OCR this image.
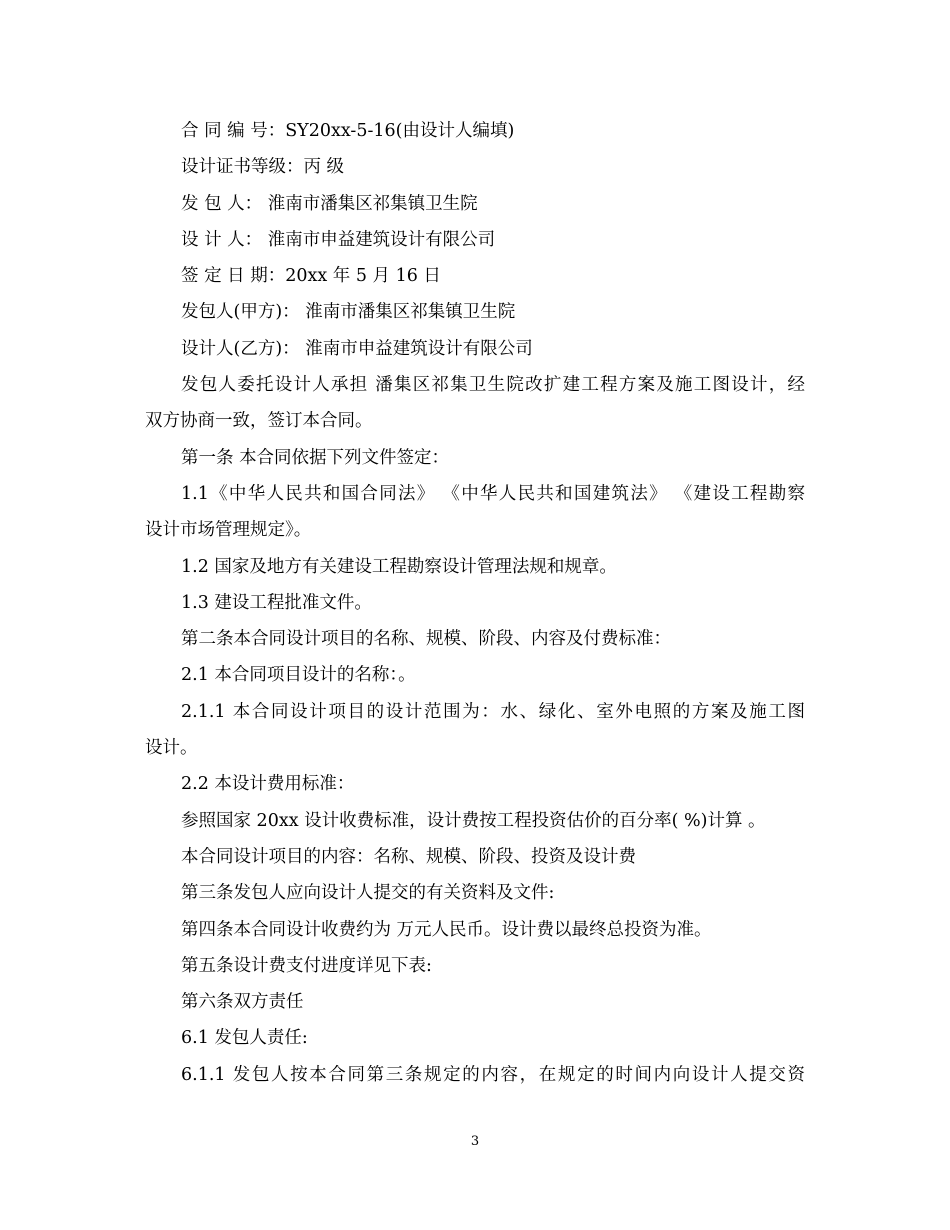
合 同 编 号：SY20xx-5-16(由设计人编填)
设计证书等级：丙 级
发 包 人： 淮南市潘集区祁集镇卫生院
设 计 人： 淮南市申益建筑设计有限公司
签 定 日 期：20xx 年 5 月 16 日
发包人(甲方)： 淮南市潘集区祁集镇卫生院
设计人(乙方)： 淮南市申益建筑设计有限公司
发包人委托设计人承担 潘集区祁集卫生院改扩建工程方案及施工图设计，经
双方协商一致，签订本合同。
第一条 本合同依据下列文件签定：
1.1《中华人民共和国合同法》 《中华人民共和国建筑法》 《建设工程勘察
设计市场管理规定》。
1.2 国家及地方有关建设工程勘察设计管理法规和规章。
1.3 建设工程批准文件。
第二条本合同设计项目的名称、规模、阶段、内容及付费标准：
2.1 本合同项目设计的名称：。
2.1.1 本合同设计项目的设计范围为：水、绿化、室外电照的方案及施工图
设计。
2.2 本设计费用标准：
参照国家 20xx 设计收费标准，设计费按工程投资估价的百分率( %)计算 。
本合同设计项目的内容：名称、规模、阶段、投资及设计费
第三条发包人应向设计人提交的有关资料及文件:
第四条本合同设计收费约为 万元人民币。设计费以最终总投资为准。
第五条设计费支付进度详见下表:
第六条双方责任
6.1 发包人责任:
6.1.1 发包人按本合同第三条规定的内容，在规定的时间内向设计人提交资
3
